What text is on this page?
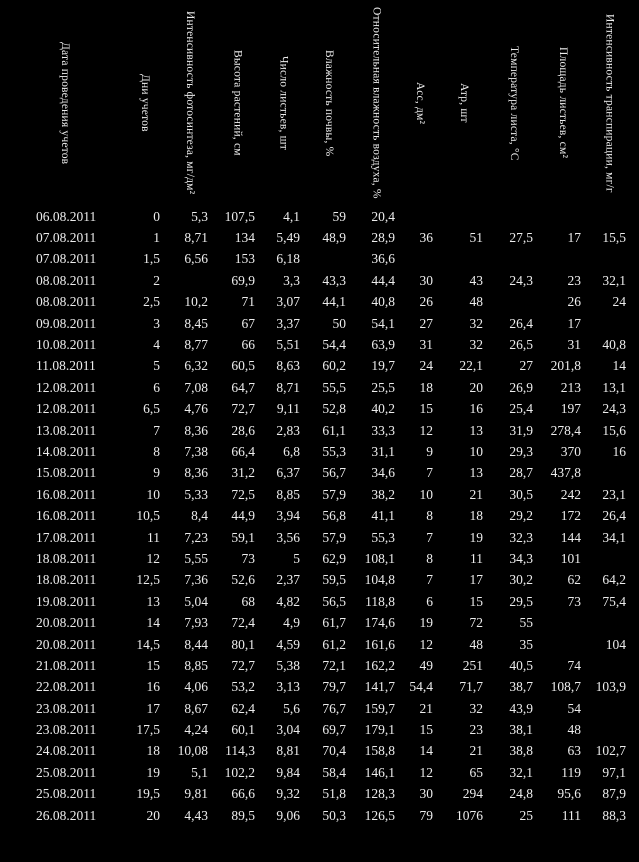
Дата проведения учетов	Дни учетов	Интенсивность фотосинтеза, мг/дм²	Высота растений, см	Число листьев, шт	Влажность почвы, %	Относительная влажность воздуха, %	Асс, дм²	Атр, шт	Температура листа, °С	Площадь листьев, см²	Интенсивность транспирации, мг/г

06.08.2011	0	5,3	107,5	4,1	59	20,4					
07.08.2011	1	8,71	134	5,49	48,9	28,9	36	51	27,5	17	15,5
07.08.2011	1,5	6,56	153	6,18		36,6					
08.08.2011	2		69,9	3,3	43,3	44,4	30	43	24,3	23	32,1
08.08.2011	2,5	10,2	71	3,07	44,1	40,8	26	48		26	24
09.08.2011	3	8,45	67	3,37	50	54,1	27	32	26,4	17	
10.08.2011	4	8,77	66	5,51	54,4	63,9	31	32	26,5	31	40,8
11.08.2011	5	6,32	60,5	8,63	60,2	19,7	24	22,1	27	201,8	14
12.08.2011	6	7,08	64,7	8,71	55,5	25,5	18	20	26,9	213	13,1
12.08.2011	6,5	4,76	72,7	9,11	52,8	40,2	15	16	25,4	197	24,3
13.08.2011	7	8,36	28,6	2,83	61,1	33,3	12	13	31,9	278,4	15,6
14.08.2011	8	7,38	66,4	6,8	55,3	31,1	9	10	29,3	370	16
15.08.2011	9	8,36	31,2	6,37	56,7	34,6	7	13	28,7	437,8	
16.08.2011	10	5,33	72,5	8,85	57,9	38,2	10	21	30,5	242	23,1
16.08.2011	10,5	8,4	44,9	3,94	56,8	41,1	8	18	29,2	172	26,4
17.08.2011	11	7,23	59,1	3,56	57,9	55,3	7	19	32,3	144	34,1
18.08.2011	12	5,55	73	5	62,9	108,1	8	11	34,3	101	
18.08.2011	12,5	7,36	52,6	2,37	59,5	104,8	7	17	30,2	62	64,2
19.08.2011	13	5,04	68	4,82	56,5	118,8	6	15	29,5	73	75,4
20.08.2011	14	7,93	72,4	4,9	61,7	174,6	19	72	55		
20.08.2011	14,5	8,44	80,1	4,59	61,2	161,6	12	48	35		104
21.08.2011	15	8,85	72,7	5,38	72,1	162,2	49	251	40,5	74	
22.08.2011	16	4,06	53,2	3,13	79,7	141,7	54,4	71,7	38,7	108,7	103,9
23.08.2011	17	8,67	62,4	5,6	76,7	159,7	21	32	43,9	54	
23.08.2011	17,5	4,24	60,1	3,04	69,7	179,1	15	23	38,1	48	
24.08.2011	18	10,08	114,3	8,81	70,4	158,8	14	21	38,8	63	102,7
25.08.2011	19	5,1	102,2	9,84	58,4	146,1	12	65	32,1	119	97,1
25.08.2011	19,5	9,81	66,6	9,32	51,8	128,3	30	294	24,8	95,6	87,9
26.08.2011	20	4,43	89,5	9,06	50,3	126,5	79	1076	25	111	88,3
